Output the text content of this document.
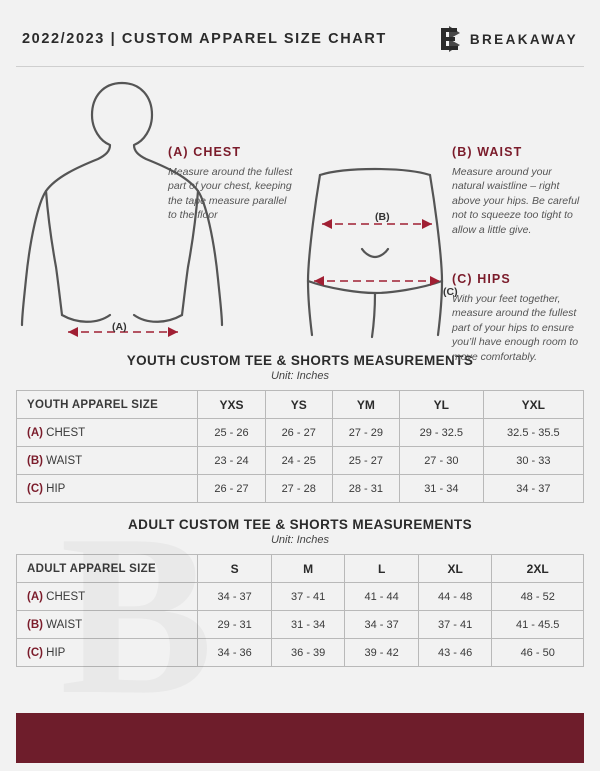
2022/2023 | CUSTOM APPAREL SIZE CHART	BREAKAWAY
(A)
(B)
(C)
(A) CHEST

Measure around the fullest part of your chest, keeping the tape measure parallel to the floor

(B) WAIST

Measure around your natural waistline – right above your hips. Be careful not to squeeze too tight to allow a little give.

(C) HIPS

With your feet together, measure around the fullest part of your hips to ensure you’ll have enough room to move comfortably.

YOUTH CUSTOM TEE & SHORTS MEASUREMENTS
Unit: Inches
YOUTH APPAREL SIZE	YXS	YS	YM	YL	YXL
(A) CHEST	25 - 26	26 - 27	27 - 29	29 - 32.5	32.5 - 35.5
(B) WAIST	23 - 24	24 - 25	25 - 27	27 - 30	30 - 33
(C) HIP	26 - 27	27 - 28	28 - 31	31 - 34	34 - 37
ADULT CUSTOM TEE & SHORTS MEASUREMENTS
Unit: Inches
ADULT APPAREL SIZE	S	M	L	XL	2XL
(A) CHEST	34 - 37	37 - 41	41 - 44	44 - 48	48 - 52
(B) WAIST	29 - 31	31 - 34	34 - 37	37 - 41	41 - 45.5
(C) HIP	34 - 36	36 - 39	39 - 42	43 - 46	46 - 50
